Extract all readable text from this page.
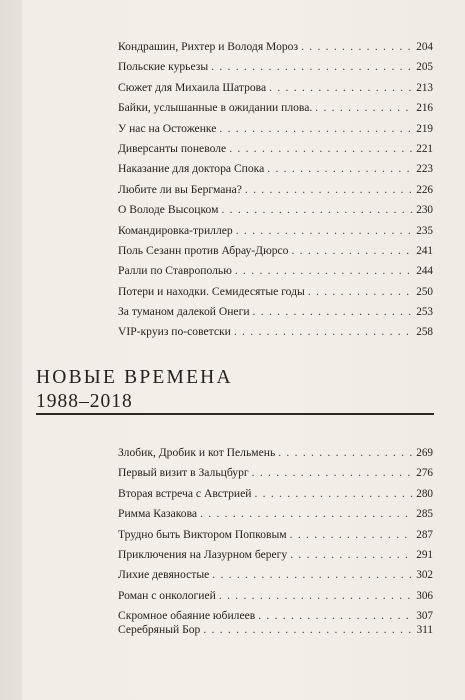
Кондрашин, Рихтер и Володя Мороз . . .	204
Польские курьезы . . .	205
Сюжет для Михаила Шатрова . . .	213
Байки, услышанные в ожидании плова. . . .	216
У нас на Остоженке . . .	219
Диверсанты поневоле . . .	221
Наказание для доктора Спока . . .	223
Любите ли вы Бергмана? . . .	226
О Володе Высоцком . . .	230
Командировка-триллер . . .	235
Поль Сезанн против Абрау-Дюрсо . . .	241
Ралли по Ставрополью . . .	244
Потери и находки. Семидесятые годы . . .	250
За туманом далекой Онеги . . .	253
VIP-круиз по-советски . . .	258
НОВЫЕ ВРЕМЕНА
1988–2018
Злобик, Дробик и кот Пельмень . . .	269
Первый визит в Зальцбург . . .	276
Вторая встреча с Австрией . . .	280
Римма Казакова . . .	285
Трудно быть Виктором Попковым . . .	287
Приключения на Лазурном берегу . . .	291
Лихие девяностые . . .	302
Роман с онкологией . . .	306
Скромное обаяние юбилеев . . .	307
Серебряный Бор . . .	311
